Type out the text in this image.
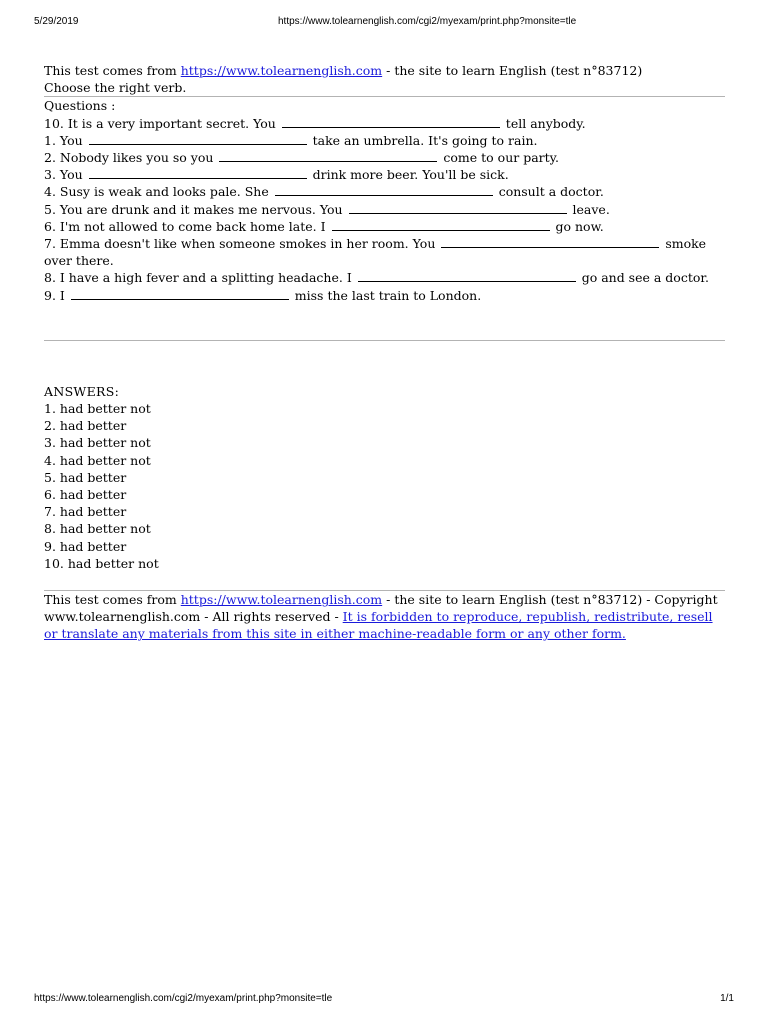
5/29/2019	https://www.tolearnenglish.com/cgi2/myexam/print.php?monsite=tle

This test comes from https://www.tolearnenglish.com - the site to learn English (test n°83712)

Choose the right verb.

Questions :

10. It is a very important secret. You	tell anybody.
1. You	take an umbrella. It's going to rain.
2. Nobody likes you so you	come to our party.
3. You	drink more beer. You'll be sick.
4. Susy is weak and looks pale. She	consult a doctor.
5. You are drunk and it makes me nervous. You	leave.
6. I'm not allowed to come back home late. I	go now.
7. Emma doesn't like when someone smokes in her room. You	smoke over there.
8. I have a high fever and a splitting headache. I	go and see a doctor.
9. I	miss the last train to London.

ANSWERS:

1. had better not
2. had better
3. had better not
4. had better not
5. had better
6. had better
7. had better
8. had better not
9. had better
10. had better not

This test comes from https://www.tolearnenglish.com - the site to learn English (test n°83712) - Copyright www.tolearnenglish.com - All rights reserved - It is forbidden to reproduce, republish, redistribute, resell or translate any materials from this site in either machine-readable form or any other form.

https://www.tolearnenglish.com/cgi2/myexam/print.php?monsite=tle	1/1
